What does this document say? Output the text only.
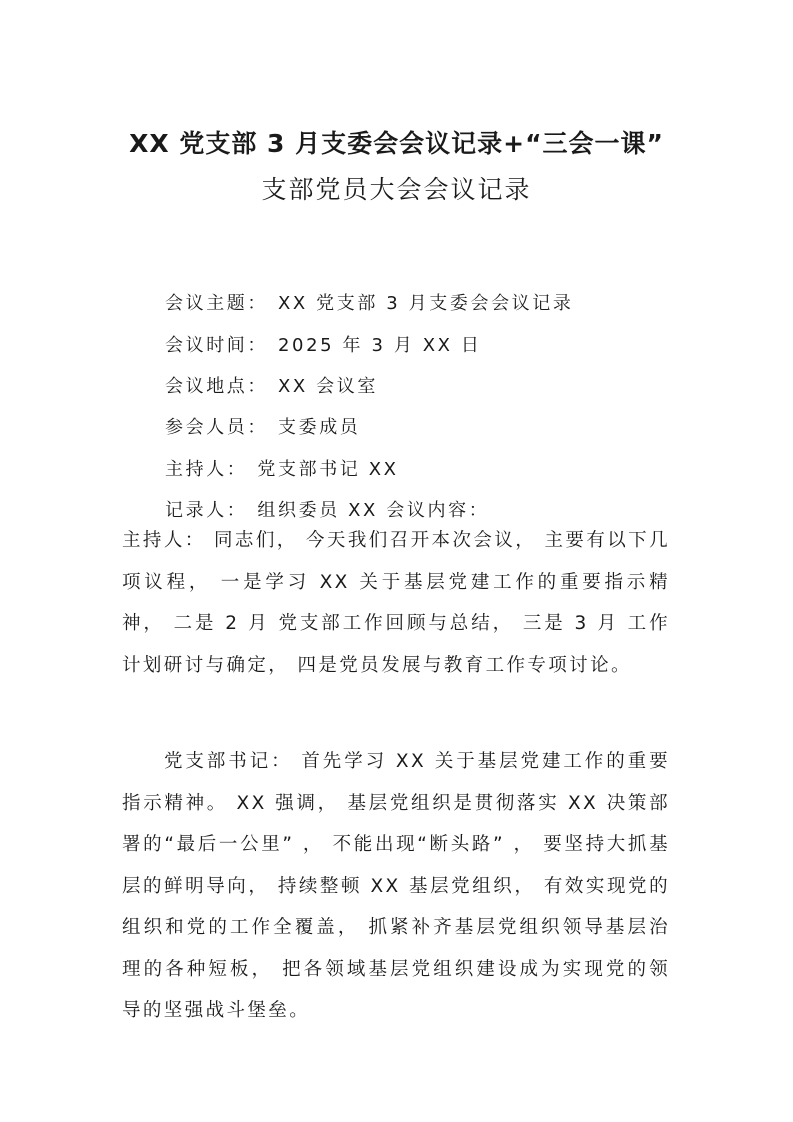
XX 党支部 3 月支委会会议记录+“三会一课”
支部党员大会会议记录
会议主题： XX 党支部 3 月支委会会议记录
会议时间： 2025 年 3 月 XX 日
会议地点： XX 会议室
参会人员： 支委成员
主持人： 党支部书记 XX
记录人： 组织委员 XX 会议内容：

主持人： 同志们， 今天我们召开本次会议， 主要有以下几项议程， 一是学习 XX 关于基层党建工作的重要指示精神， 二是 2 月 党支部工作回顾与总结， 三是 3 月 工作计划研讨与确定， 四是党员发展与教育工作专项讨论。

党支部书记： 首先学习 XX 关于基层党建工作的重要指示精神。 XX 强调， 基层党组织是贯彻落实 XX 决策部署的“最后一公里” ， 不能出现“断头路” ， 要坚持大抓基层的鲜明导向， 持续整顿 XX 基层党组织， 有效实现党的组织和党的工作全覆盖， 抓紧补齐基层党组织领导基层治理的各种短板， 把各领域基层党组织建设成为实现党的领导的坚强战斗堡垒。
